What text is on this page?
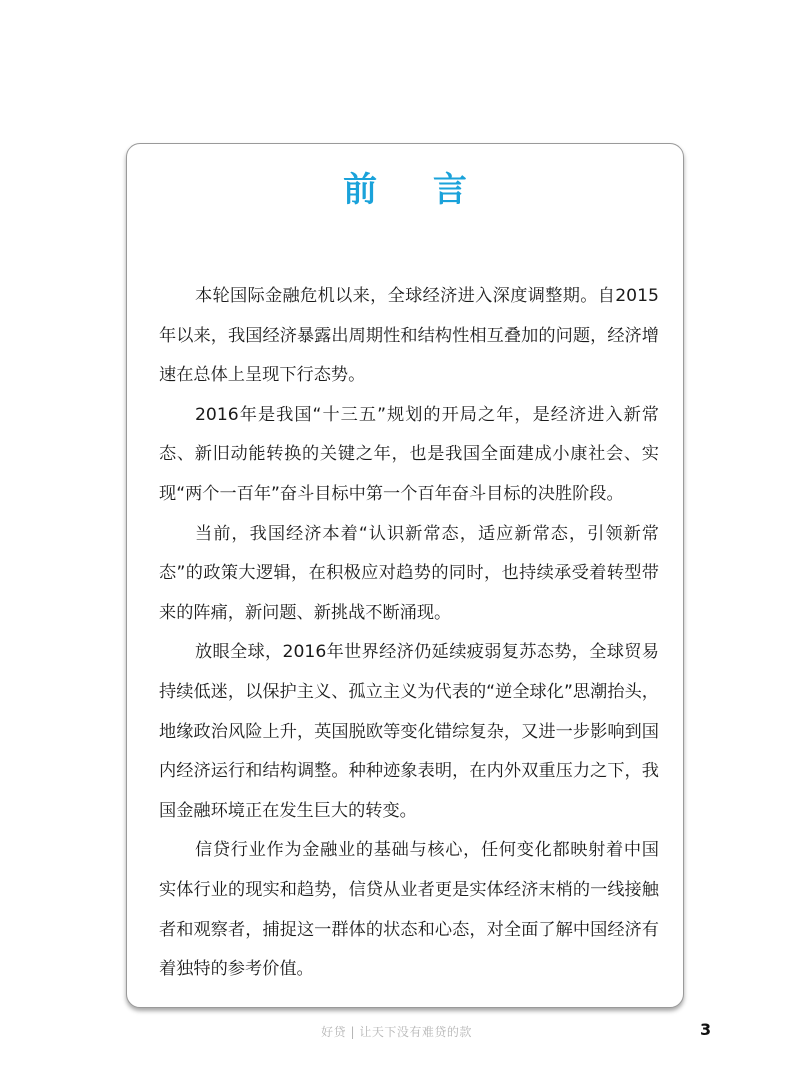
前 言

本轮国际金融危机以来，全球经济进入深度调整期。自2015年以来，我国经济暴露出周期性和结构性相互叠加的问题，经济增速在总体上呈现下行态势。

2016年是我国“十三五”规划的开局之年，是经济进入新常态、新旧动能转换的关键之年，也是我国全面建成小康社会、实现“两个一百年”奋斗目标中第一个百年奋斗目标的决胜阶段。

当前，我国经济本着“认识新常态，适应新常态，引领新常态”的政策大逻辑，在积极应对趋势的同时，也持续承受着转型带来的阵痛，新问题、新挑战不断涌现。

放眼全球，2016年世界经济仍延续疲弱复苏态势，全球贸易持续低迷，以保护主义、孤立主义为代表的“逆全球化”思潮抬头，地缘政治风险上升，英国脱欧等变化错综复杂，又进一步影响到国内经济运行和结构调整。种种迹象表明，在内外双重压力之下，我国金融环境正在发生巨大的转变。

信贷行业作为金融业的基础与核心，任何变化都映射着中国实体行业的现实和趋势，信贷从业者更是实体经济末梢的一线接触者和观察者，捕捉这一群体的状态和心态，对全面了解中国经济有着独特的参考价值。

好贷 | 让天下没有难贷的款	3
